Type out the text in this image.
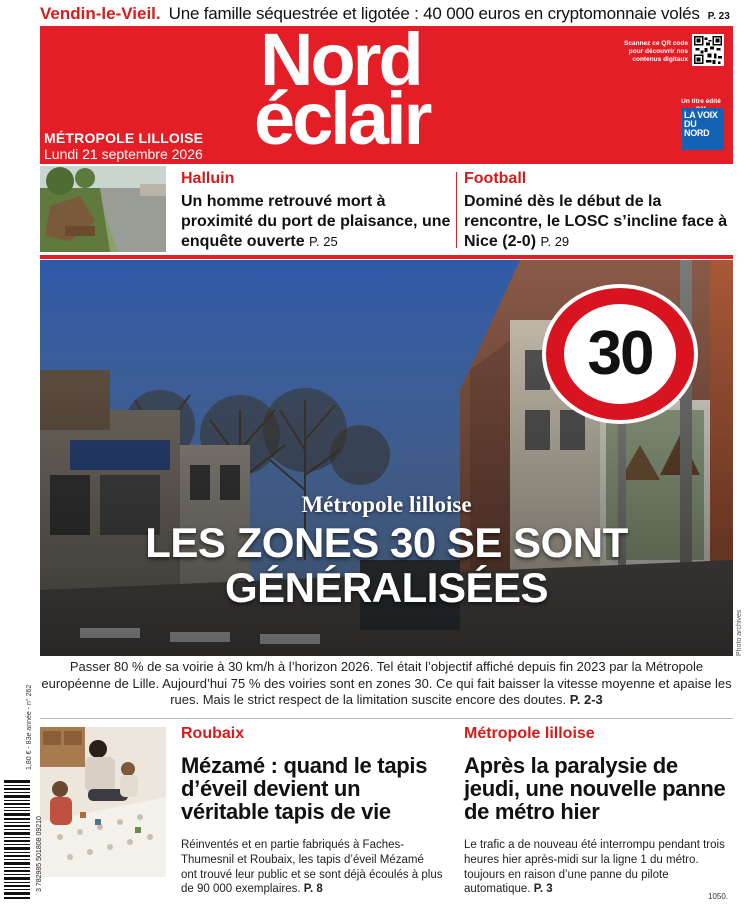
Vendin-le-Vieil. Une famille séquestrée et ligotée : 40 000 euros en cryptomonnaie volés P. 23
Nord
éclair
MÉTROPOLE LILLOISE
Lundi 21 septembre 2026
Scannez ce QR code pour découvrir nos contenus digitaux
Un titre édité
LA VOIX DU NORD
Halluin
Un homme retrouvé mort à proximité du port de plaisance, une enquête ouverte P. 25
Football
Dominé dès le début de la rencontre, le LOSC s’incline face à Nice (2-0) P. 29
30
Métropole lilloise
LES ZONES 30 SE SONT GÉNÉRALISÉES
Photo archives
Passer 80 % de sa voirie à 30 km/h à l’horizon 2026. Tel était l’objectif affiché depuis fin 2023 par la Métropole européenne de Lille. Aujourd’hui 75 % des voiries sont en zones 30. Ce qui fait baisser la vitesse moyenne et apaise les rues. Mais le strict respect de la limitation suscite encore des doutes. P. 2-3
Roubaix
Mézamé : quand le tapis d’éveil devient un véritable tapis de vie
Réinventés et en partie fabriqués à Faches-Thumesnil et Roubaix, les tapis d’éveil Mézamé ont trouvé leur public et se sont déjà écoulés à plus de 90 000 exemplaires. P. 8
Métropole lilloise
Après la paralysie de jeudi, une nouvelle panne de métro hier
Le trafic a de nouveau été interrompu pendant trois heures hier après-midi sur la ligne 1 du métro. toujours en raison d’une panne du pilote automatique. P. 3
1,80 € - 83e année - n° 262
3 782985 501808 09210
1050.
